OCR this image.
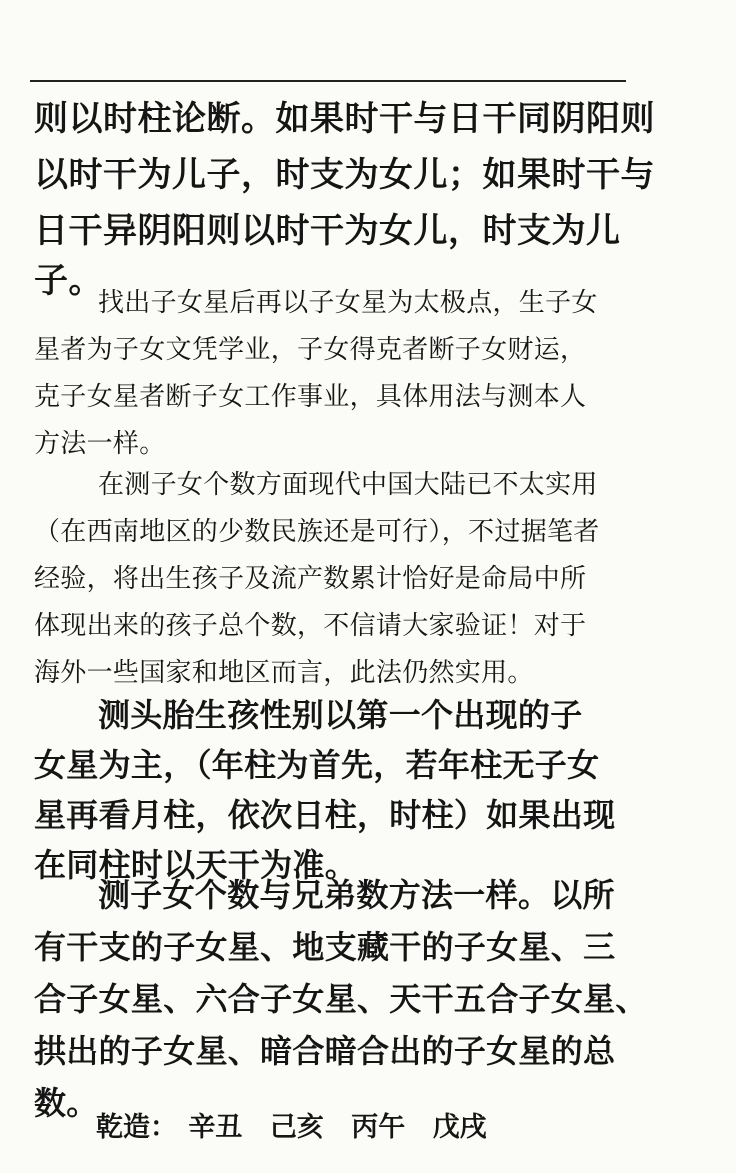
则以时柱论断。如果时干与日干同阴阳则
以时干为儿子，时支为女儿；如果时干与
日干异阴阳则以时干为女儿，时支为儿
子。
找出子女星后再以子女星为太极点，生子女
星者为子女文凭学业，子女得克者断子女财运，
克子女星者断子女工作事业，具体用法与测本人
方法一样。
在测子女个数方面现代中国大陆已不太实用
（在西南地区的少数民族还是可行），不过据笔者
经验，将出生孩子及流产数累计恰好是命局中所
体现出来的孩子总个数，不信请大家验证！对于
海外一些国家和地区而言，此法仍然实用。
测头胎生孩性别以第一个出现的子
女星为主，（年柱为首先，若年柱无子女
星再看月柱，依次日柱，时柱）如果出现
在同柱时以天干为准。
测子女个数与兄弟数方法一样。以所
有干支的子女星、地支藏干的子女星、三
合子女星、六合子女星、天干五合子女星、
拱出的子女星、暗合暗合出的子女星的总
数。
乾造： 辛丑 己亥 丙午 戊戌
